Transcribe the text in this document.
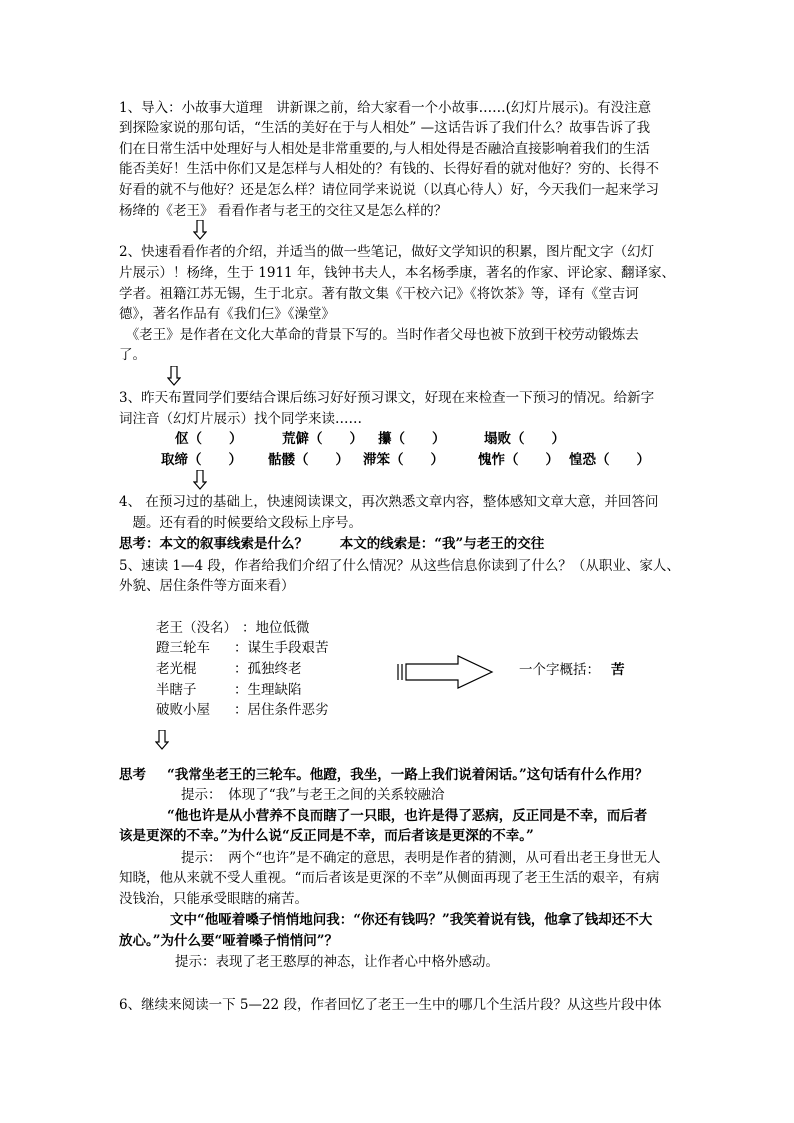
1、导入：小故事大道理　讲新课之前，给大家看一个小故事……(幻灯片展示)。有没注意
到探险家说的那句话，“生活的美好在于与人相处” —这话告诉了我们什么？故事告诉了我
们在日常生活中处理好与人相处是非常重要的,与人相处得是否融洽直接影响着我们的生活
能否美好！生活中你们又是怎样与人相处的？有钱的、长得好看的就对他好？穷的、长得不
好看的就不与他好？还是怎么样？请位同学来说说（以真心待人）好，今天我们一起来学习
杨绛的《老王》 看看作者与老王的交往又是怎么样的？
2、快速看看作者的介绍，并适当的做一些笔记，做好文学知识的积累，图片配文字（幻灯
片展示）！杨绛，生于 1911 年，钱钟书夫人，本名杨季康，著名的作家、评论家、翻译家、
学者。祖籍江苏无锡，生于北京。著有散文集《干校六记》《将饮茶》等，译有《堂吉诃
德》，著名作品有《我们仨》《澡堂》
　《老王》是作者在文化大革命的背景下写的。当时作者父母也被下放到干校劳动锻炼去
了。
3、昨天布置同学们要结合课后练习好好预习课文，好现在来检查一下预习的情况。给新字
词注音（幻灯片展示）找个同学来读……
伛（　　）	荒僻（　　） 攥（　　）	塌败（　　）
取缔（　　） 骷髅（　　） 滞笨（　　）	愧怍（　　） 惶恐（　　）
4、 在预习过的基础上，快速阅读课文，再次熟悉文章内容，整体感知文章大意，并回答问
　题。还有看的时候要给文段标上序号。
思考：本文的叙事线索是什么？　　 本文的线索是：“我”与老王的交往
5、速读 1—4 段，作者给我们介绍了什么情况？从这些信息你读到了什么？（从职业、家人、
外貌、居住条件等方面来看）
老王（没名） ：地位低微
蹬三轮车 ：谋生手段艰苦
老光棍	：孤独终老
半瞎子	：生理缺陷
破败小屋 ：居住条件恶劣
一个字概括： 苦
思考 “我常坐老王的三轮车。他蹬，我坐，一路上我们说着闲话。”这句话有什么作用？
提示：　体现了“我”与老王之间的关系较融洽
“他也许是从小营养不良而瞎了一只眼，也许是得了恶病，反正同是不幸，而后者
该是更深的不幸。”为什么说“反正同是不幸，而后者该是更深的不幸。”
提示：　两个“也许”是不确定的意思，表明是作者的猜测，从可看出老王身世无人
知晓，他从来就不受人重视。“而后者该是更深的不幸”从侧面再现了老王生活的艰辛，有病
没钱治，只能承受眼瞎的痛苦。
文中“他哑着嗓子悄悄地问我：“你还有钱吗？”我笑着说有钱，他拿了钱却还不大
放心。”为什么要“哑着嗓子悄悄问”？
提示：表现了老王憨厚的神态，让作者心中格外感动。
6、继续来阅读一下 5—22 段，作者回忆了老王一生中的哪几个生活片段？从这些片段中体
